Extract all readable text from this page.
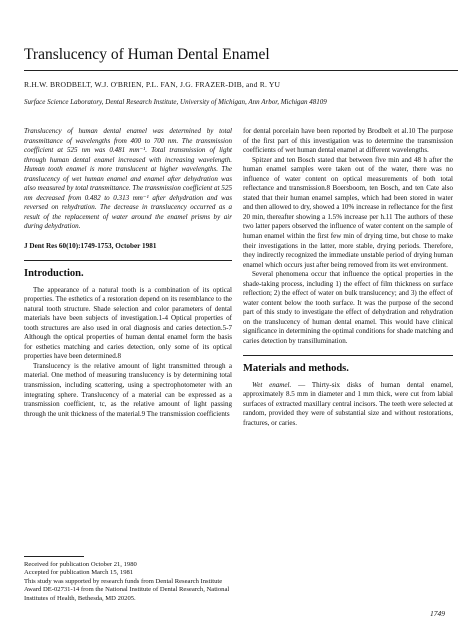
Translucency of Human Dental Enamel
R.H.W. BRODBELT, W.J. O'BRIEN, P.L. FAN, J.G. FRAZER-DIB, and R. YU
Surface Science Laboratory, Dental Research Institute, University of Michigan, Ann Arbor, Michigan 48109

Translucency of human dental enamel was determined by total transmittance of wavelengths from 400 to 700 nm. The transmission coefficient at 525 nm was 0.481 mm⁻¹. Total transmission of light through human dental enamel increased with increasing wavelength. Human tooth enamel is more translucent at higher wavelengths. The translucency of wet human enamel and enamel after dehydration was also measured by total transmittance. The transmission coefficient at 525 nm decreased from 0.482 to 0.313 mm⁻¹ after dehydration and was reversed on rehydration. The decrease in translucency occurred as a result of the replacement of water around the enamel prisms by air during dehydration.

J Dent Res 60(10):1749-1753, October 1981

Introduction.

The appearance of a natural tooth is a combination of its optical properties. The esthetics of a restoration depend on its resemblance to the natural tooth structure. Shade selection and color parameters of dental materials have been subjects of investigation.1-4 Optical properties of tooth structures are also used in oral diagnosis and caries detection.5-7 Although the optical properties of human dental enamel form the basis for esthetics matching and caries detection, only some of its optical properties have been determined.8

Translucency is the relative amount of light transmitted through a material. One method of measuring translucency is by determining total transmission, including scattering, using a spectrophotometer with an integrating sphere. Translucency of a material can be expressed as a transmission coefficient, tc, as the relative amount of light passing through the unit thickness of the material.9 The transmission coefficients

for dental porcelain have been reported by Brodbelt et al.10 The purpose of the first part of this investigation was to determine the transmission coefficients of wet human dental enamel at different wavelengths.

Spitzer and ten Bosch stated that between five min and 48 h after the human enamel samples were taken out of the water, there was no influence of water content on optical measurements of both total reflectance and transmission.8 Boersboom, ten Bosch, and ten Cate also stated that their human enamel samples, which had been stored in water and then allowed to dry, showed a 10% increase in reflectance for the first 20 min, thereafter showing a 1.5% increase per h.11 The authors of these two latter papers observed the influence of water content on the sample of human enamel within the first few min of drying time, but chose to make their investigations in the latter, more stable, drying periods. Therefore, they indirectly recognized the immediate unstable period of drying human enamel which occurs just after being removed from its wet environment.

Several phenomena occur that influence the optical properties in the shade-taking process, including 1) the effect of film thickness on surface reflection; 2) the effect of water on bulk translucency; and 3) the effect of water content below the tooth surface. It was the purpose of the second part of this study to investigate the effect of dehydration and rehydration on the translucency of human dental enamel. This would have clinical significance in determining the optimal conditions for shade matching and caries detection by transillumination.

Materials and methods.

Wet enamel. — Thirty-six disks of human dental enamel, approximately 8.5 mm in diameter and 1 mm thick, were cut from labial surfaces of extracted maxillary central incisors. The teeth were selected at random, provided they were of substantial size and without restorations, fractures, or caries.

Received for publication October 21, 1980

Accepted for publication March 15, 1981

This study was supported by research funds from Dental Research Institute Award DE-02731-14 from the National Institute of Dental Research, National Institutes of Health, Bethesda, MD 20205.

1749
